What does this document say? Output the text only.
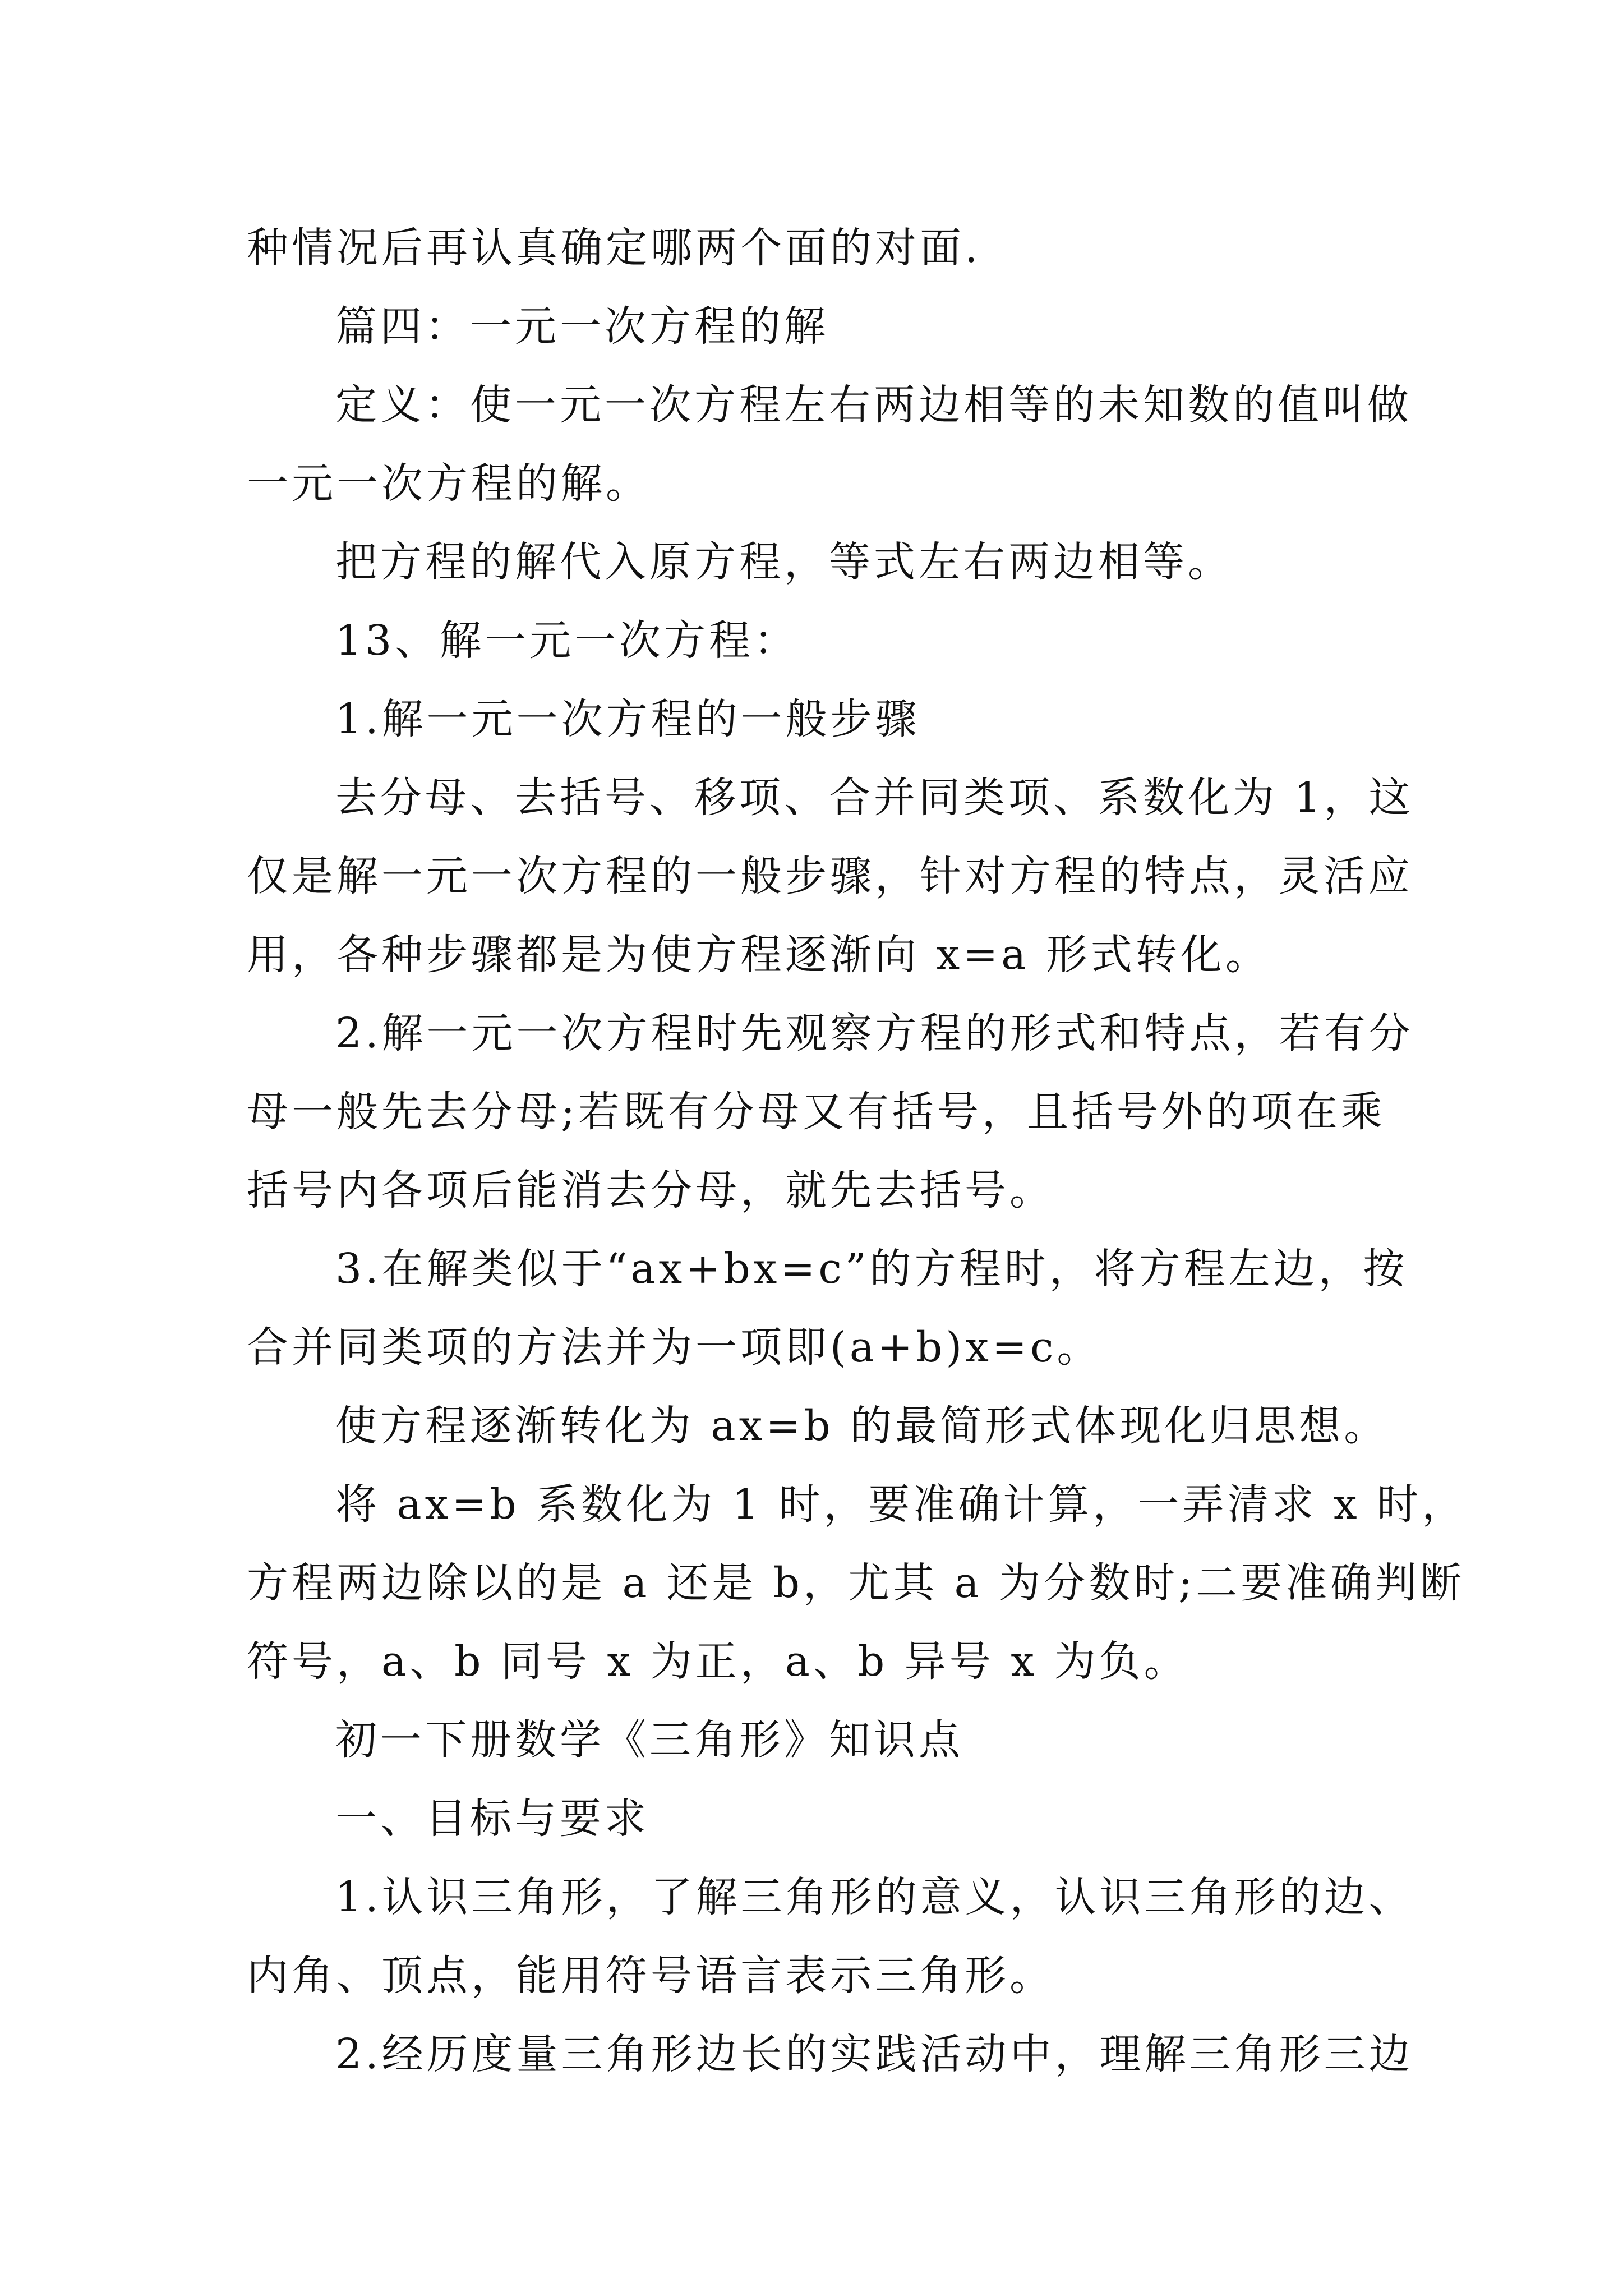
种情况后再认真确定哪两个面的对面.
篇四：一元一次方程的解
定义：使一元一次方程左右两边相等的未知数的值叫做
一元一次方程的解。
把方程的解代入原方程，等式左右两边相等。
13、解一元一次方程：
1.解一元一次方程的一般步骤
去分母、去括号、移项、合并同类项、系数化为 1，这
仅是解一元一次方程的一般步骤，针对方程的特点，灵活应
用，各种步骤都是为使方程逐渐向 x=a 形式转化。
2.解一元一次方程时先观察方程的形式和特点，若有分
母一般先去分母;若既有分母又有括号，且括号外的项在乘
括号内各项后能消去分母，就先去括号。
3.在解类似于“ax+bx=c”的方程时，将方程左边，按
合并同类项的方法并为一项即(a+b)x=c。
使方程逐渐转化为 ax=b 的最简形式体现化归思想。
将 ax=b 系数化为 1 时，要准确计算，一弄清求 x 时，
方程两边除以的是 a 还是 b，尤其 a 为分数时;二要准确判断
符号，a、b 同号 x 为正，a、b 异号 x 为负。
初一下册数学《三角形》知识点
一、目标与要求
1.认识三角形，了解三角形的意义，认识三角形的边、
内角、顶点，能用符号语言表示三角形。
2.经历度量三角形边长的实践活动中，理解三角形三边
